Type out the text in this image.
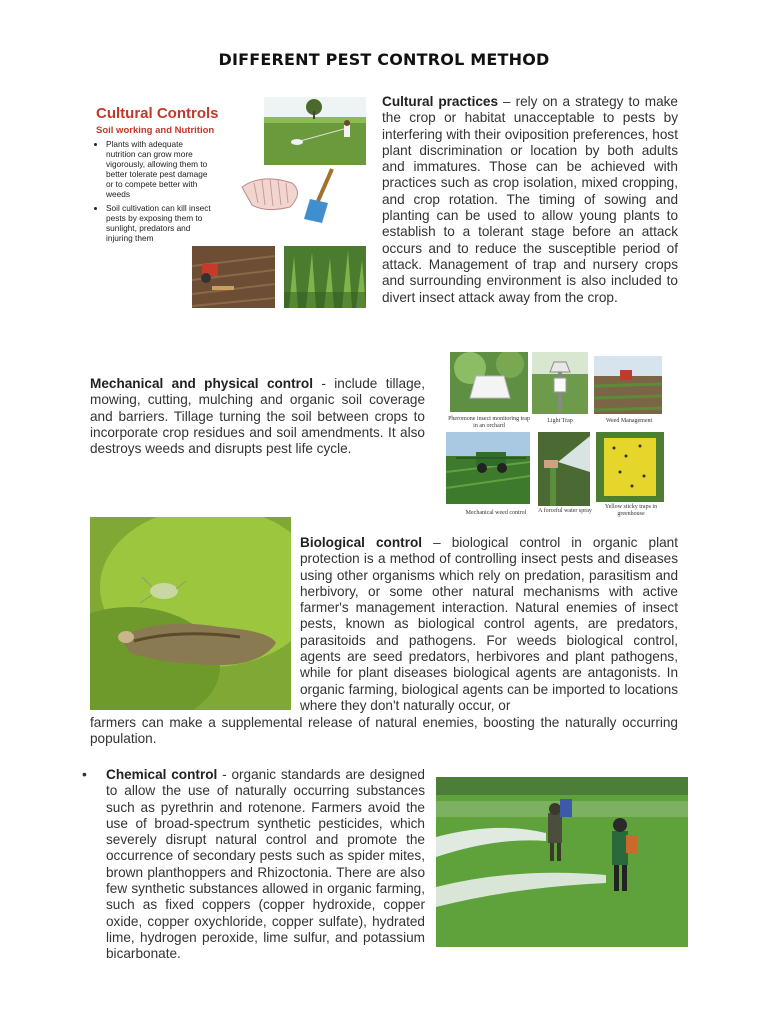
DIFFERENT PEST CONTROL METHOD
Cultural Controls
Soil working and Nutrition
• Plants with adequate nutrition can grow more vigorously, allowing them to better tolerate pest damage or to compete better with weeds
• Soil cultivation can kill insect pests by exposing them to sunlight, predators and injuring them
Cultural practices – rely on a strategy to make the crop or habitat unacceptable to pests by interfering with their oviposition preferences, host plant discrimination or location by both adults and immatures. Those can be achieved with practices such as crop isolation, mixed cropping, and crop rotation. The timing of sowing and planting can be used to allow young plants to establish to a tolerant stage before an attack occurs and to reduce the susceptible period of attack. Management of trap and nursery crops and surrounding environment is also included to divert insect attack away from the crop.
Mechanical and physical control - include tillage, mowing, cutting, mulching and organic soil coverage and barriers. Tillage turning the soil between crops to incorporate crop residues and soil amendments. It also destroys weeds and disrupts pest life cycle.
Pheromone insect monitoring trap in an orchard
Light Trap	Weed Management
Mechanical weed control	A forceful water spray
Yellow sticky traps in greenhouse
Biological control – biological control in organic plant protection is a method of controlling insect pests and diseases using other organisms which rely on predation, parasitism and herbivory, or some other natural mechanisms with active farmer's management interaction. Natural enemies of insect pests, known as biological control agents, are predators, parasitoids and pathogens. For weeds biological control, agents are seed predators, herbivores and plant pathogens, while for plant diseases biological agents are antagonists. In organic farming, biological agents can be imported to locations where they don't naturally occur, or
farmers can make a supplemental release of natural enemies, boosting the naturally occurring population.
• Chemical control - organic standards are designed to allow the use of naturally occurring substances such as pyrethrin and rotenone. Farmers avoid the use of broad-spectrum synthetic pesticides, which severely disrupt natural control and promote the occurrence of secondary pests such as spider mites, brown planthoppers and Rhizoctonia. There are also few synthetic substances allowed in organic farming, such as fixed coppers (copper hydroxide, copper oxide, copper oxychloride, copper sulfate), hydrated lime, hydrogen peroxide, lime sulfur, and potassium bicarbonate.
